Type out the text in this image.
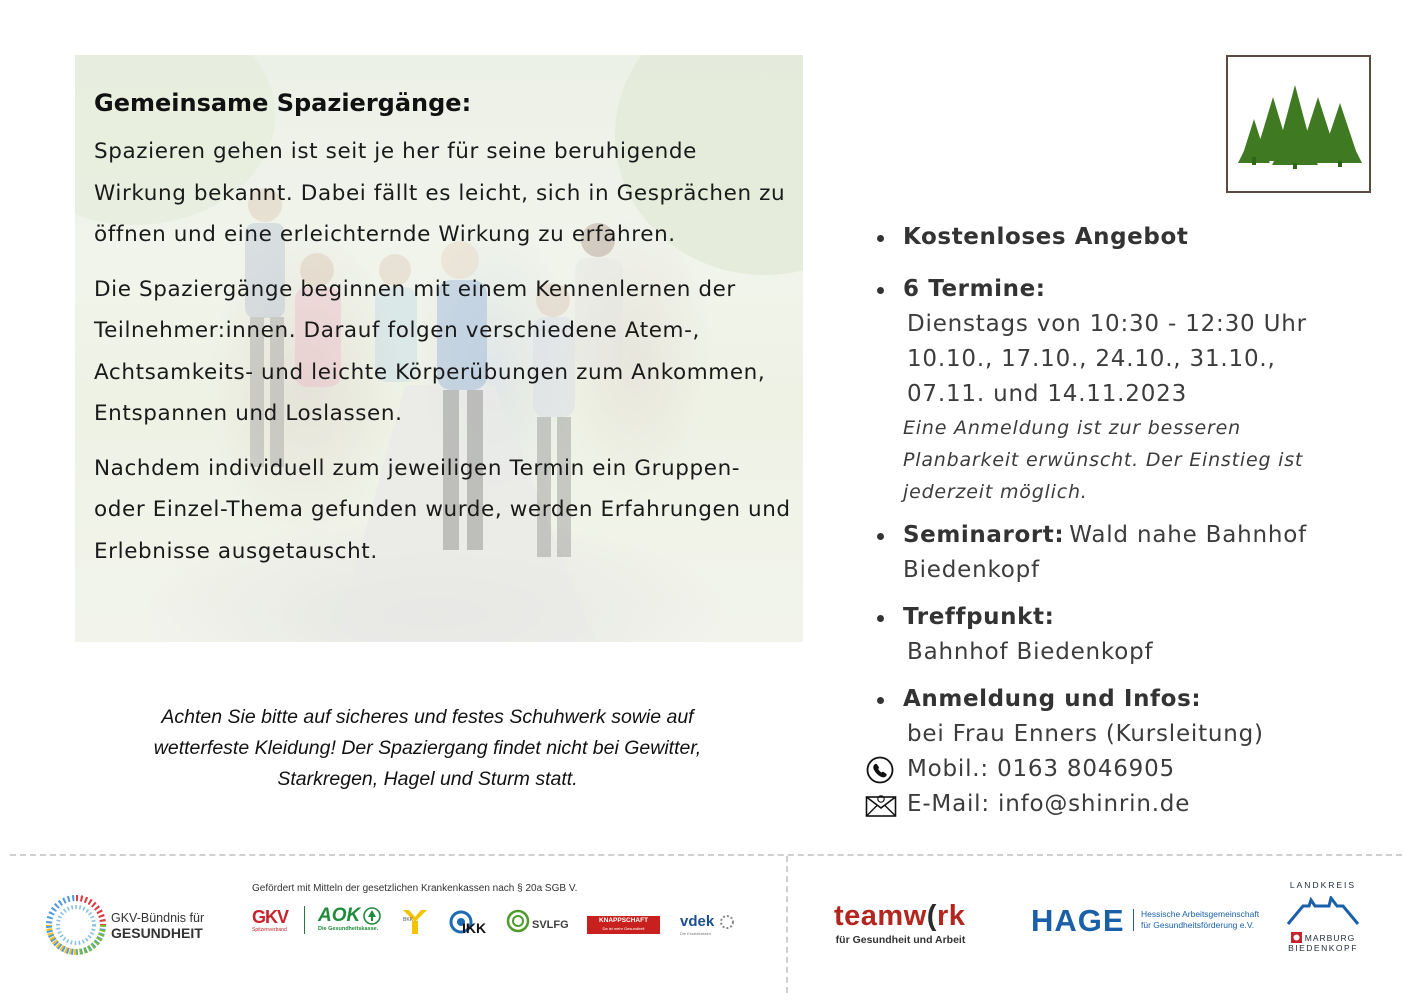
Gemeinsame Spaziergänge:

Spazieren gehen ist seit je her für seine beruhigende Wirkung bekannt. Dabei fällt es leicht, sich in Gesprächen zu öffnen und eine erleichternde Wirkung zu erfahren.

Die Spaziergänge beginnen mit einem Kennenlernen der Teilnehmer:innen. Darauf folgen verschiedene Atem-, Achtsamkeits- und leichte Körperübungen zum Ankommen, Entspannen und Loslassen.

Nachdem individuell zum jeweiligen Termin ein Gruppen- oder Einzel-Thema gefunden wurde, werden Erfahrungen und Erlebnisse ausgetauscht.

Kostenloses Angebot
6 Termine:
Dienstags von 10:30 - 12:30 Uhr
10.10., 17.10., 24.10., 31.10.,
07.11. und 14.11.2023
Eine Anmeldung ist zur besseren Planbarkeit erwünscht. Der Einstieg ist jederzeit möglich.
Seminarort: Wald nahe Bahnhof Biedenkopf
Treffpunkt:
Bahnhof Biedenkopf
Anmeldung und Infos:
bei Frau Enners (Kursleitung)
Mobil.: 0163 8046905
E-Mail: info@shinrin.de
Achten Sie bitte auf sicheres und festes Schuhwerk sowie auf wetterfeste Kleidung! Der Spaziergang findet nicht bei Gewitter, Starkregen, Hagel und Sturm statt.
GKV-Bündnis für
GESUNDHEIT
Gefördert mit Mitteln der gesetzlichen Krankenkassen nach § 20a SGB V.
GKV
Spitzenverband
AOK
Die Gesundheitskasse.
BKK	IKK	SVLFG	KNAPPSCHAFT
Da ist mehr Gesundheit	vdek
Die Ersatzkassen
teamw(rk
für Gesundheit und Arbeit
HAGE	Hessische Arbeitsgemeinschaft für Gesundheitsförderung e.V.
LANDKREIS
MARBURG
BIEDENKOPF
